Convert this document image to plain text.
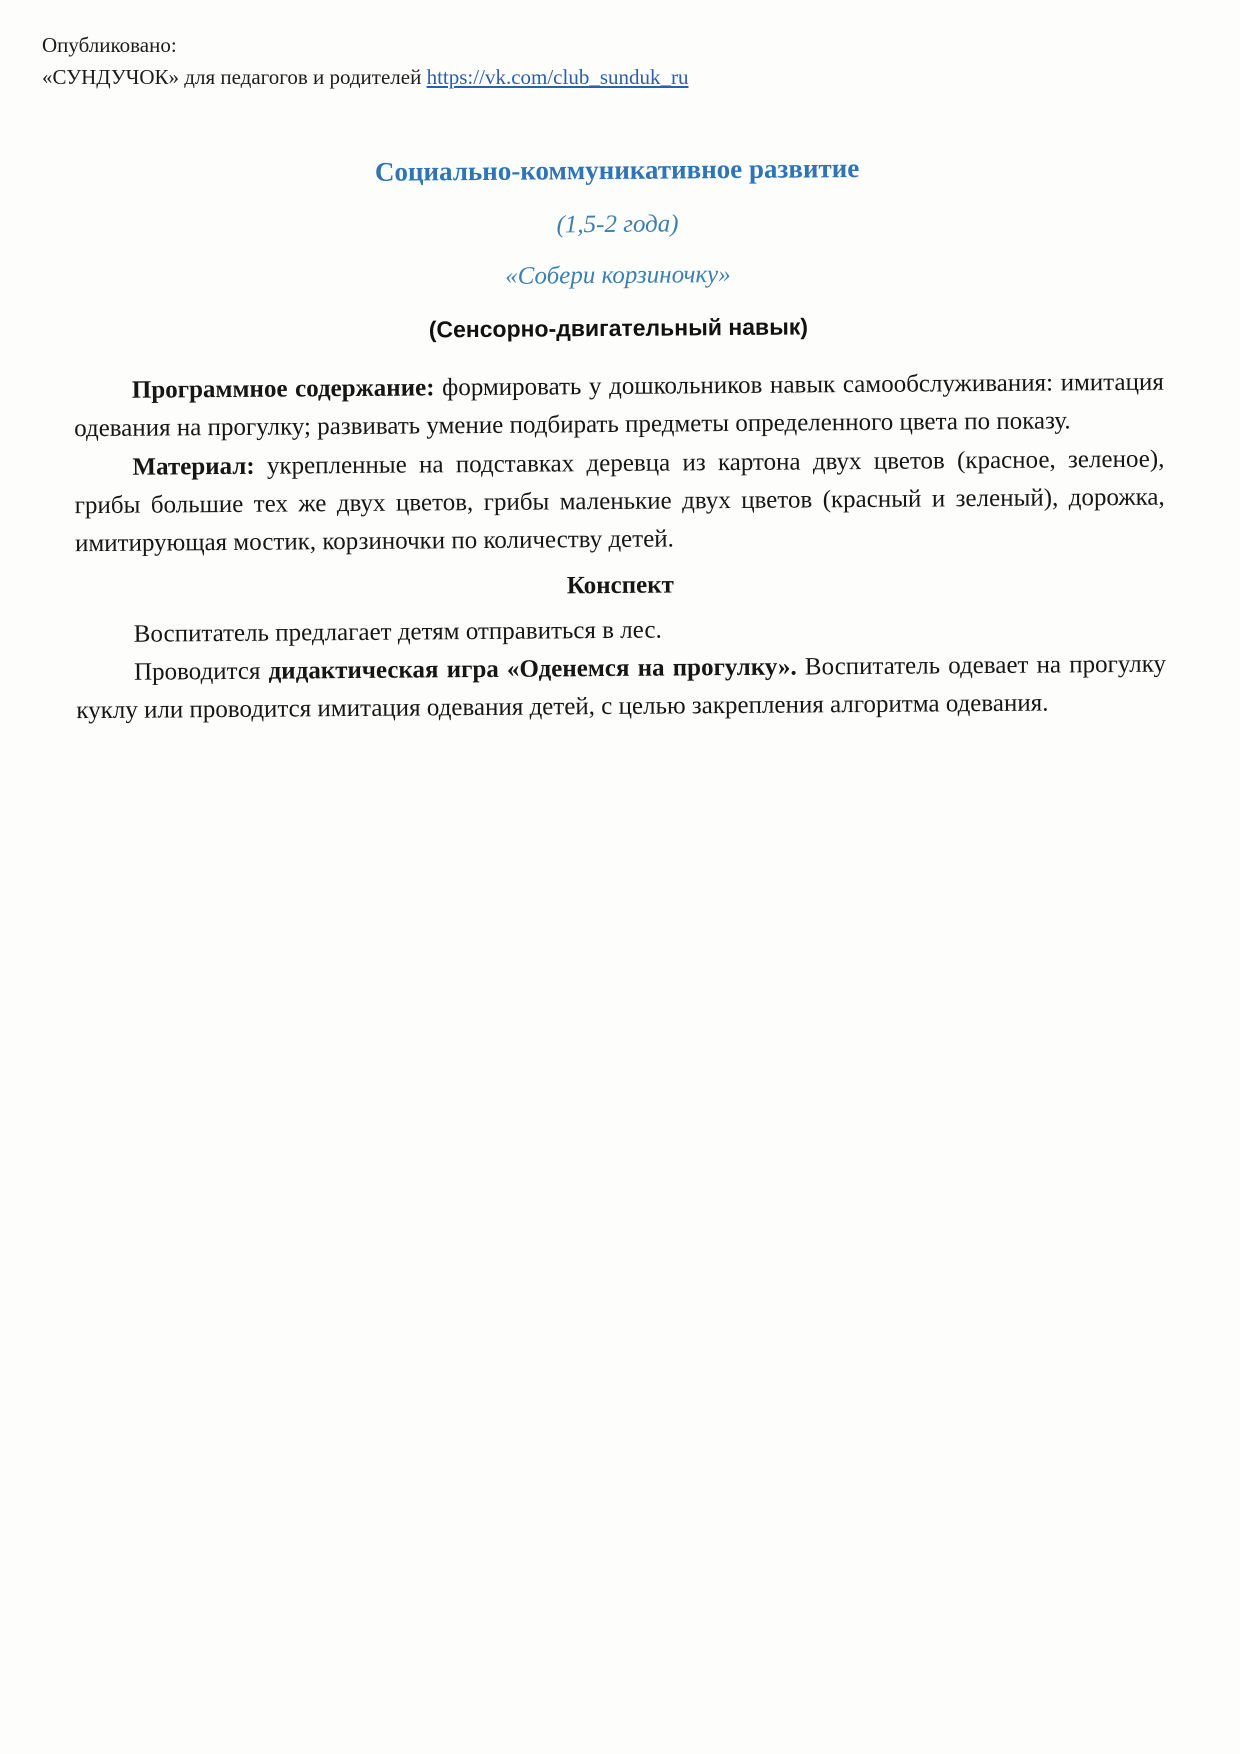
Опубликовано:
«СУНДУЧОК» для педагогов и родителей https://vk.com/club_sunduk_ru
Социально-коммуникативное развитие
(1,5-2 года)
«Собери корзиночку»
(Сенсорно-двигательный навык)

Программное содержание: формировать у дошкольников навык самообслуживания: имитация одевания на прогулку; развивать умение подбирать предметы определенного цвета по показу.

Материал: укрепленные на подставках деревца из картона двух цветов (красное, зеленое), грибы большие тех же двух цветов, грибы маленькие двух цветов (красный и зеленый), дорожка, имитирующая мостик, корзиночки по количеству детей.

Конспект

Воспитатель предлагает детям отправиться в лес.

Проводится дидактическая игра «Оденемся на прогулку». Воспитатель одевает на прогулку куклу или проводится имитация одевания детей, с целью закрепления алгоритма одевания.
